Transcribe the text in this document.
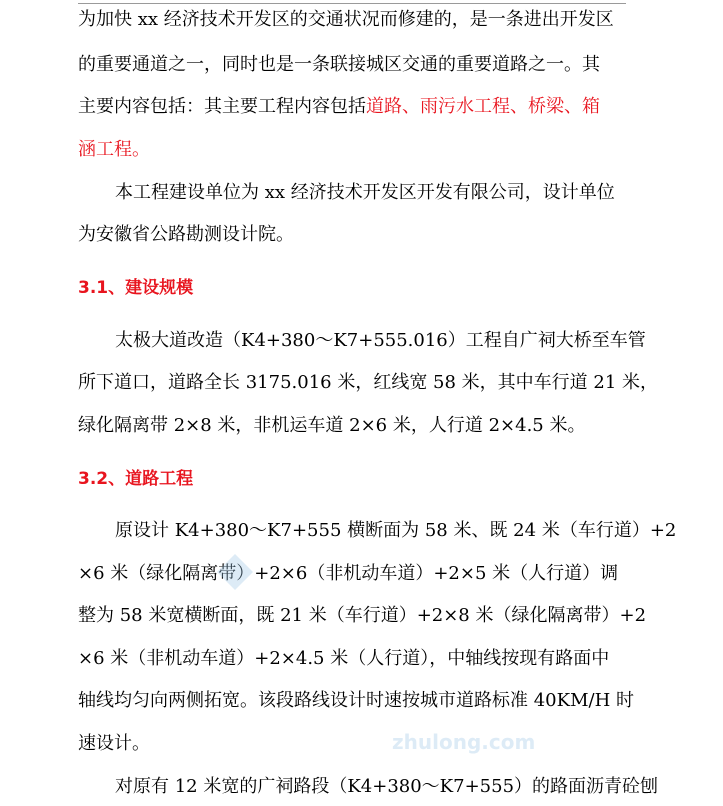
为加快 xx 经济技术开发区的交通状况而修建的，是一条进出开发区
的重要通道之一，同时也是一条联接城区交通的重要道路之一。其
主要内容包括：其主要工程内容包括道路、雨污水工程、桥梁、箱
涵工程。
本工程建设单位为 xx 经济技术开发区开发有限公司，设计单位
为安徽省公路勘测设计院。
3.1、建设规模
太极大道改造（K4+380～K7+555.016）工程自广祠大桥至车管
所下道口，道路全长 3175.016 米，红线宽 58 米，其中车行道 21 米，
绿化隔离带 2×8 米，非机运车道 2×6 米，人行道 2×4.5 米。
3.2、道路工程
原设计 K4+380～K7+555 横断面为 58 米、既 24 米（车行道）+2
×6 米（绿化隔离带）+2×6（非机动车道）+2×5 米（人行道）调
整为 58 米宽横断面，既 21 米（车行道）+2×8 米（绿化隔离带）+2
×6 米（非机动车道）+2×4.5 米（人行道），中轴线按现有路面中
轴线均匀向两侧拓宽。该段路线设计时速按城市道路标准 40KM/H 时
速设计。
对原有 12 米宽的广祠路段（K4+380～K7+555）的路面沥青砼刨
zhulong.com
